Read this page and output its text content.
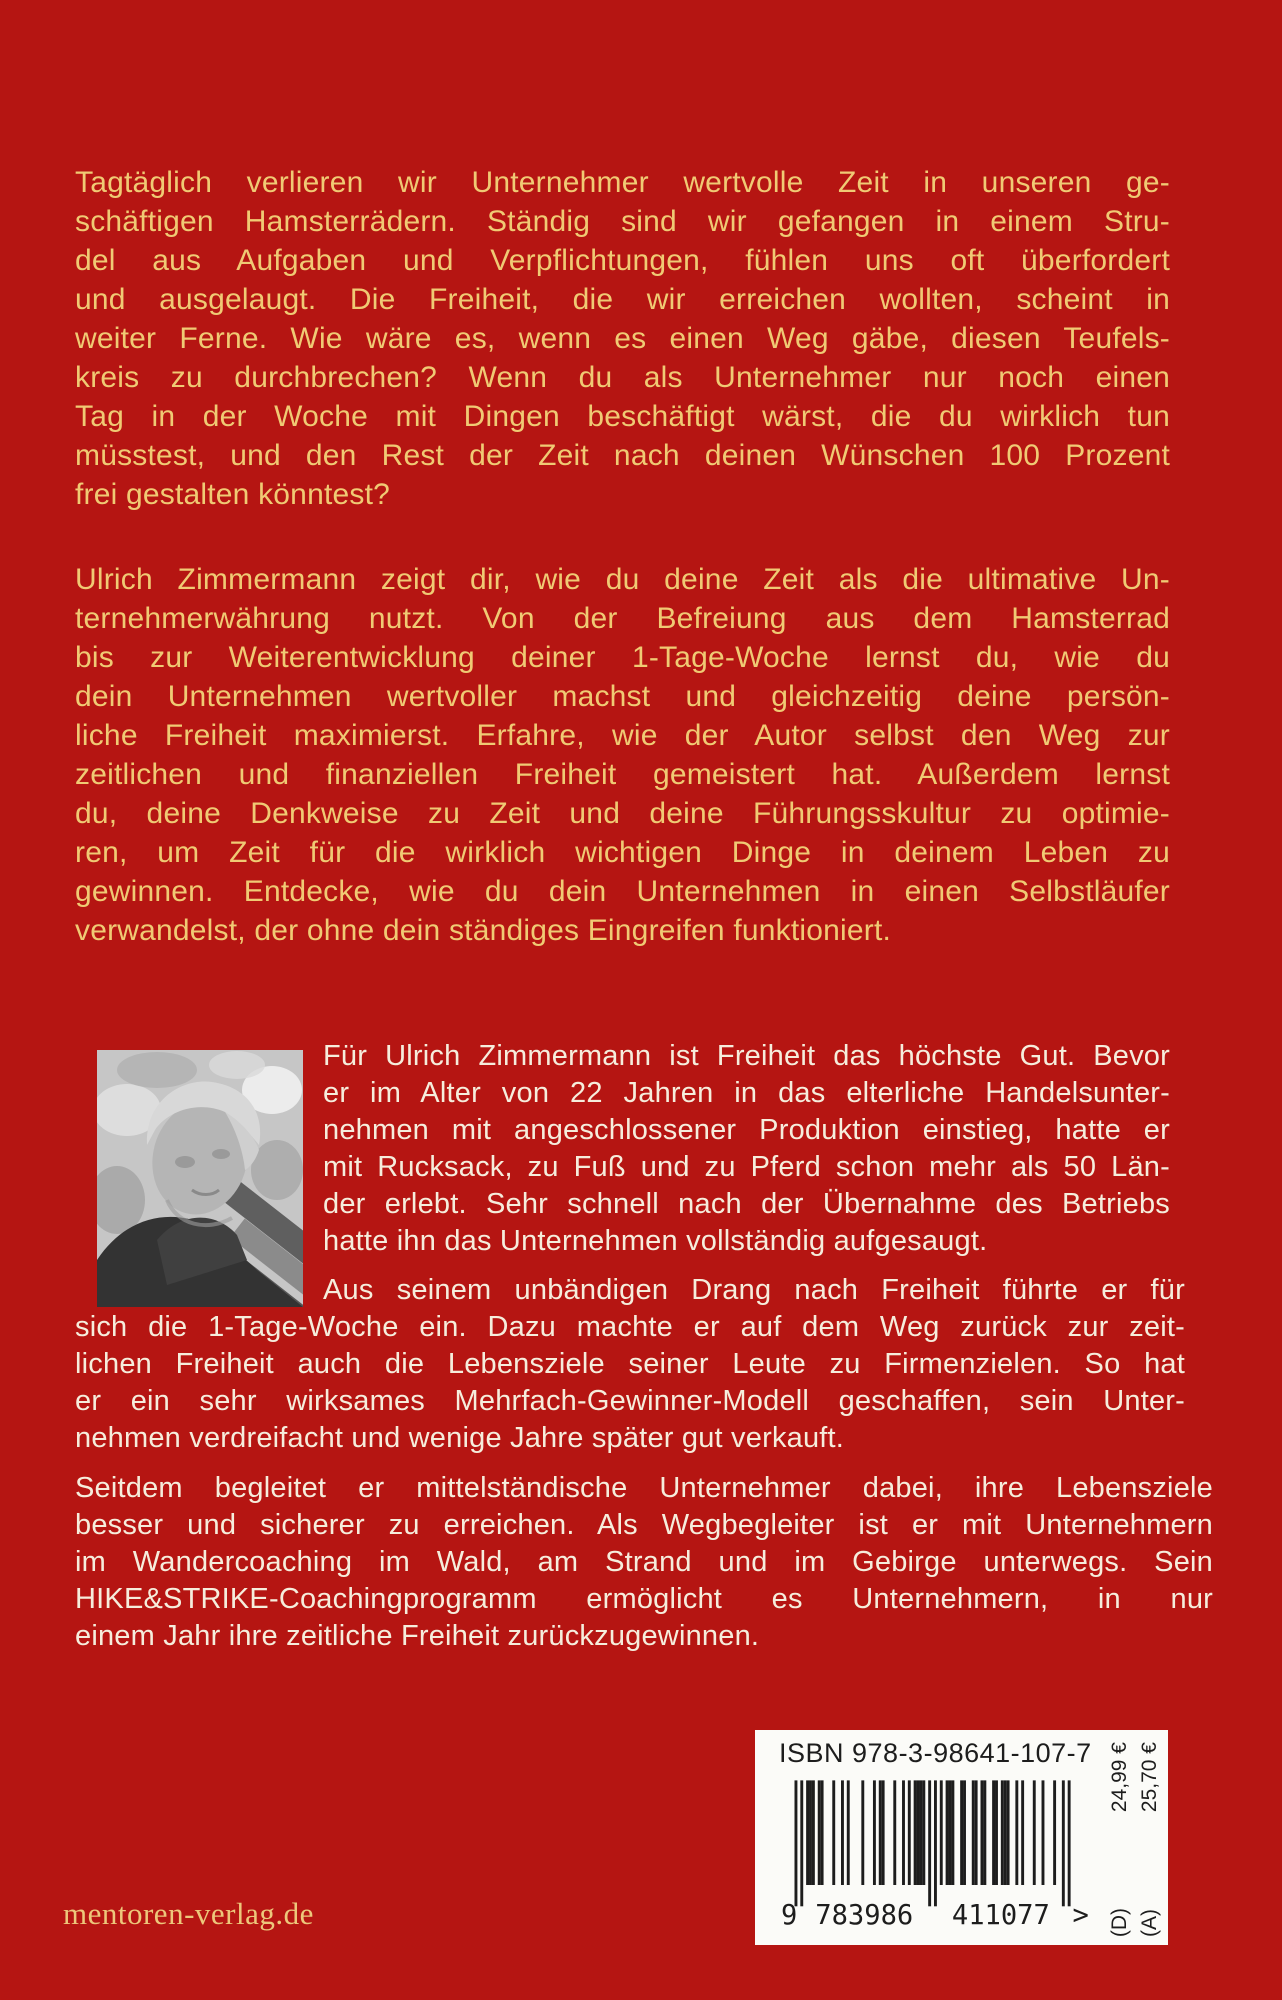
Tagtäglich verlieren wir Unternehmer wertvolle Zeit in unseren ge-
schäftigen Hamsterrädern. Ständig sind wir gefangen in einem Stru-
del aus Aufgaben und Verpflichtungen, fühlen uns oft überfordert
und ausgelaugt. Die Freiheit, die wir erreichen wollten, scheint in
weiter Ferne. Wie wäre es, wenn es einen Weg gäbe, diesen Teufels-
kreis zu durchbrechen? Wenn du als Unternehmer nur noch einen
Tag in der Woche mit Dingen beschäftigt wärst, die du wirklich tun
müsstest, und den Rest der Zeit nach deinen Wünschen 100 Prozent
frei gestalten könntest?
Ulrich Zimmermann zeigt dir, wie du deine Zeit als die ultimative Un-
ternehmerwährung nutzt. Von der Befreiung aus dem Hamsterrad
bis zur Weiterentwicklung deiner 1-Tage-Woche lernst du, wie du
dein Unternehmen wertvoller machst und gleichzeitig deine persön-
liche Freiheit maximierst. Erfahre, wie der Autor selbst den Weg zur
zeitlichen und finanziellen Freiheit gemeistert hat. Außerdem lernst
du, deine Denkweise zu Zeit und deine Führungsskultur zu optimie-
ren, um Zeit für die wirklich wichtigen Dinge in deinem Leben zu
gewinnen. Entdecke, wie du dein Unternehmen in einen Selbstläufer
verwandelst, der ohne dein ständiges Eingreifen funktioniert.
Für Ulrich Zimmermann ist Freiheit das höchste Gut. Bevor
er im Alter von 22 Jahren in das elterliche Handelsunter-
nehmen mit angeschlossener Produktion einstieg, hatte er
mit Rucksack, zu Fuß und zu Pferd schon mehr als 50 Län-
der erlebt. Sehr schnell nach der Übernahme des Betriebs
hatte ihn das Unternehmen vollständig aufgesaugt.
Aus seinem unbändigen Drang nach Freiheit führte er für
sich die 1-Tage-Woche ein. Dazu machte er auf dem Weg zurück zur zeit-
lichen Freiheit auch die Lebensziele seiner Leute zu Firmenzielen. So hat
er ein sehr wirksames Mehrfach-Gewinner-Modell geschaffen, sein Unter-
nehmen verdreifacht und wenige Jahre später gut verkauft.
Seitdem begleitet er mittelständische Unternehmer dabei, ihre Lebensziele
besser und sicherer zu erreichen. Als Wegbegleiter ist er mit Unternehmern
im Wandercoaching im Wald, am Strand und im Gebirge unterwegs. Sein
HIKE&STRIKE-Coachingprogramm ermöglicht es Unternehmern, in nur
einem Jahr ihre zeitliche Freiheit zurückzugewinnen.
mentoren-verlag.de
ISBN 978-3-98641-107-7
9 783986 411077 >
24,99 € 25,70 €
(D) (A)
